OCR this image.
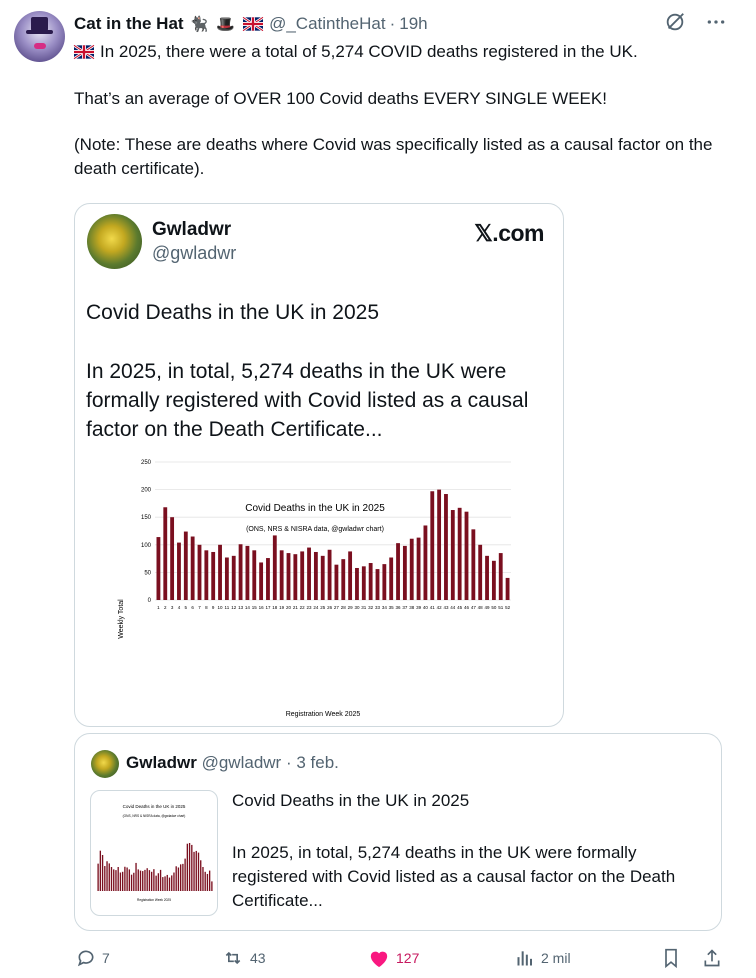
Cat in the Hat 🐈‍⬛ 🎩 @_CatintheHat · 19h

In 2025, there were a total of 5,274 COVID deaths registered in the UK.

That’s an average of OVER 100 Covid deaths EVERY SINGLE WEEK!

(Note: These are deaths where Covid was specifically listed as a causal factor on the death certificate).

Gwladwr
@gwladwr
𝕏.com
Covid Deaths in the UK in 2025
In 2025, in total, 5,274 deaths in the UK were formally registered with Covid listed as a causal factor on the Death Certificate...
Covid Deaths in the UK in 2025
(ONS, NRS & NISRA data, @gwladwr chart)
Weekly Total
Registration Week 2025
0
50
100
150
200
250
1 2 3 4 5 6 7 8 9 10 11 12 13 14 15 16 17 18 19 20 21 22 23 24 25 26 27 28 29 30 31 32 33 34 35 36 37 38 39 40 41 42 43 44 45 46 47 48 49 50 51 52
Gwladwr @gwladwr · 3 feb.
Covid Deaths in the UK in 2025
(ONS, NRS & NISRA data, @gwladwr chart)
Registration Week 2025
Covid Deaths in the UK in 2025
In 2025, in total, 5,274 deaths in the UK were formally registered with Covid listed as a causal factor on the Death Certificate...
7	43	127	2 mil
